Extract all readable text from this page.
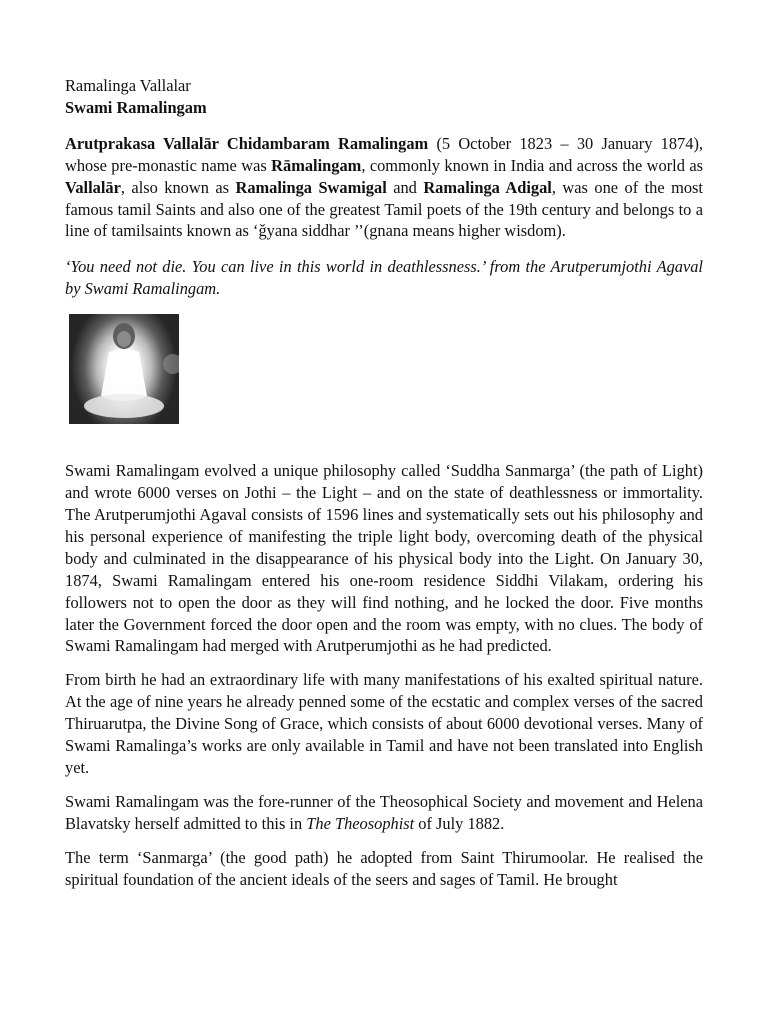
Ramalinga Vallalar
Swami Ramalingam

Arutprakasa Vallalār Chidambaram Ramalingam (5 October 1823 – 30 January 1874), whose pre-monastic name was Rāmalingam, commonly known in India and across the world as Vallalār, also known as Ramalinga Swamigal and Ramalinga Adigal, was one of the most famous tamil Saints and also one of the greatest Tamil poets of the 19th century and belongs to a line of tamilsaints known as ‘ǧyana siddhar ’’(gnana means higher wisdom).

‘You need not die. You can live in this world in deathlessness.’ from the Arutperumjothi Agaval by Swami Ramalingam.

Swami Ramalingam evolved a unique philosophy called ‘Suddha Sanmarga’ (the path of Light) and wrote 6000 verses on Jothi – the Light – and on the state of deathlessness or immortality. The Arutperumjothi Agaval consists of 1596 lines and systematically sets out his philosophy and his personal experience of manifesting the triple light body, overcoming death of the physical body and culminated in the disappearance of his physical body into the Light. On January 30, 1874, Swami Ramalingam entered his one-room residence Siddhi Vilakam, ordering his followers not to open the door as they will find nothing, and he locked the door. Five months later the Government forced the door open and the room was empty, with no clues. The body of Swami Ramalingam had merged with Arutperumjothi as he had predicted.

From birth he had an extraordinary life with many manifestations of his exalted spiritual nature. At the age of nine years he already penned some of the ecstatic and complex verses of the sacred Thiruarutpa, the Divine Song of Grace, which consists of about 6000 devotional verses. Many of Swami Ramalinga’s works are only available in Tamil and have not been translated into English yet.

Swami Ramalingam was the fore-runner of the Theosophical Society and movement and Helena Blavatsky herself admitted to this in The Theosophist of July 1882.

The term ‘Sanmarga’ (the good path) he adopted from Saint Thirumoolar. He realised the spiritual foundation of the ancient ideals of the seers and sages of Tamil. He brought
